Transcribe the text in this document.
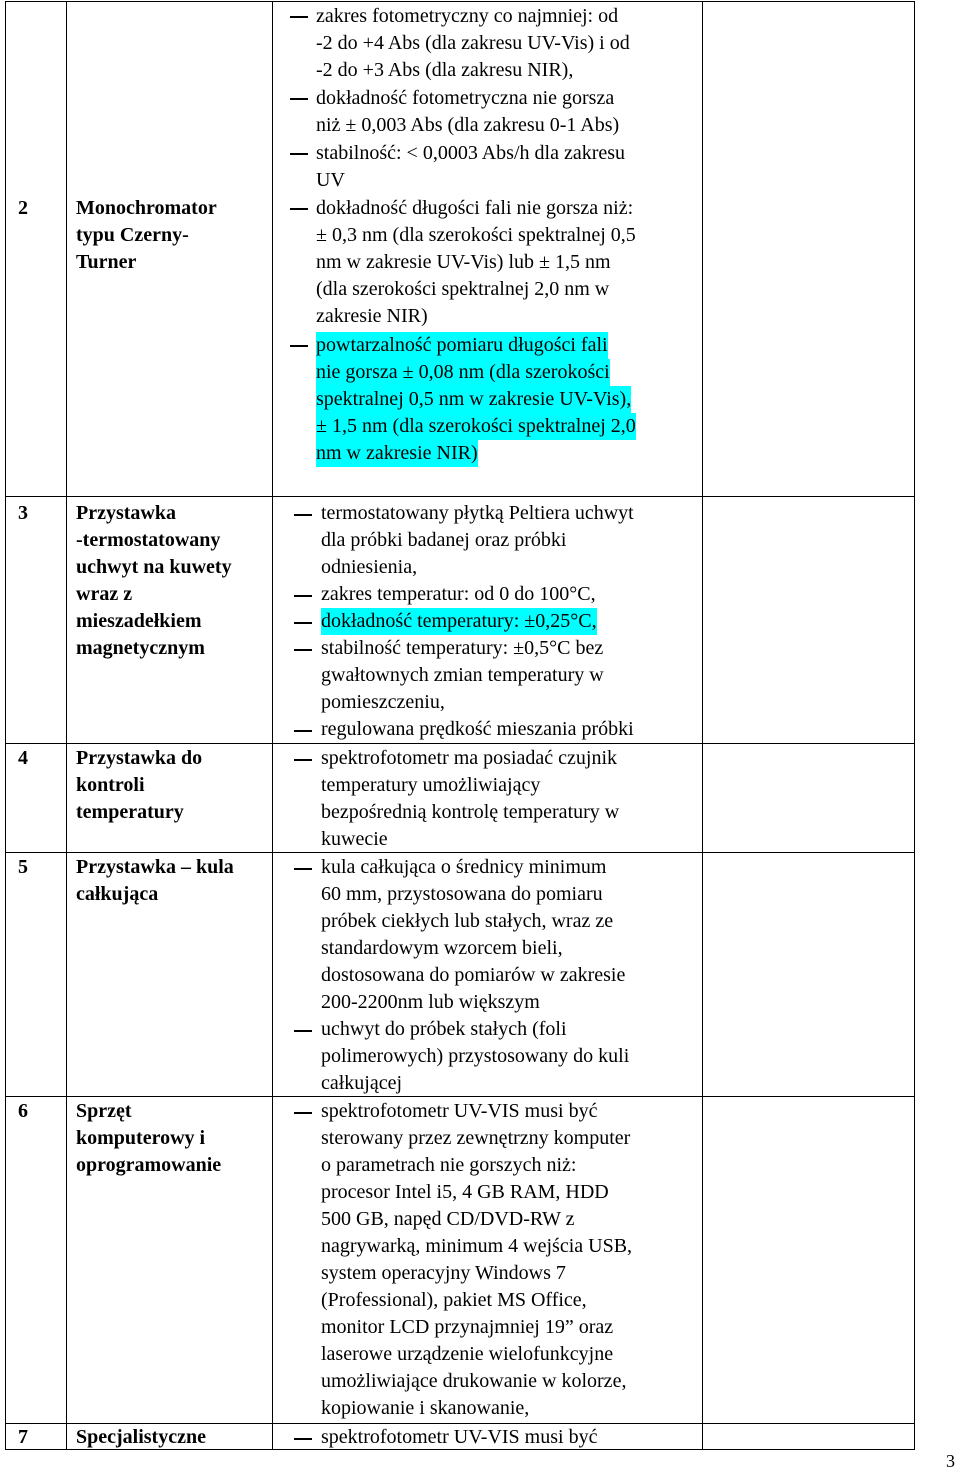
2 Monochromator
typu Czerny-
Turner
zakres fotometryczny co najmniej: od
-2 do +4 Abs (dla zakresu UV-Vis) i od
-2 do +3 Abs (dla zakresu NIR),
dokładność fotometryczna nie gorsza
niż ± 0,003 Abs (dla zakresu 0-1 Abs)
stabilność: < 0,0003 Abs/h dla zakresu
UV
dokładność długości fali nie gorsza niż:
± 0,3 nm (dla szerokości spektralnej 0,5
nm w zakresie UV-Vis) lub ± 1,5 nm
(dla szerokości spektralnej 2,0 nm w
zakresie NIR)
powtarzalność pomiaru długości fali
nie gorsza ± 0,08 nm (dla szerokości
spektralnej 0,5 nm w zakresie UV-Vis),
± 1,5 nm (dla szerokości spektralnej 2,0
nm w zakresie NIR)
3 Przystawka
-termostatowany
uchwyt na kuwety
wraz z
mieszadełkiem
magnetycznym
termostatowany płytką Peltiera uchwyt
dla próbki badanej oraz próbki
odniesienia,
zakres temperatur: od 0 do 100°C,
dokładność temperatury: ±0,25°C,
stabilność temperatury: ±0,5°C bez
gwałtownych zmian temperatury w
pomieszczeniu,
regulowana prędkość mieszania próbki
4 Przystawka do
kontroli
temperatury
spektrofotometr ma posiadać czujnik
temperatury umożliwiający
bezpośrednią kontrolę temperatury w
kuwecie
5 Przystawka – kula
całkująca
kula całkująca o średnicy minimum
60 mm, przystosowana do pomiaru
próbek ciekłych lub stałych, wraz ze
standardowym wzorcem bieli,
dostosowana do pomiarów w zakresie
200-2200nm lub większym
uchwyt do próbek stałych (foli
polimerowych) przystosowany do kuli
całkującej
6 Sprzęt
komputerowy i
oprogramowanie
spektrofotometr UV-VIS musi być
sterowany przez zewnętrzny komputer
o parametrach nie gorszych niż:
procesor Intel i5, 4 GB RAM, HDD
500 GB, napęd CD/DVD-RW z
nagrywarką, minimum 4 wejścia USB,
system operacyjny Windows 7
(Professional), pakiet MS Office,
monitor LCD przynajmniej 19” oraz
laserowe urządzenie wielofunkcyjne
umożliwiające drukowanie w kolorze,
kopiowanie i skanowanie,
7 Specjalistyczne	spektrofotometr UV-VIS musi być
3
